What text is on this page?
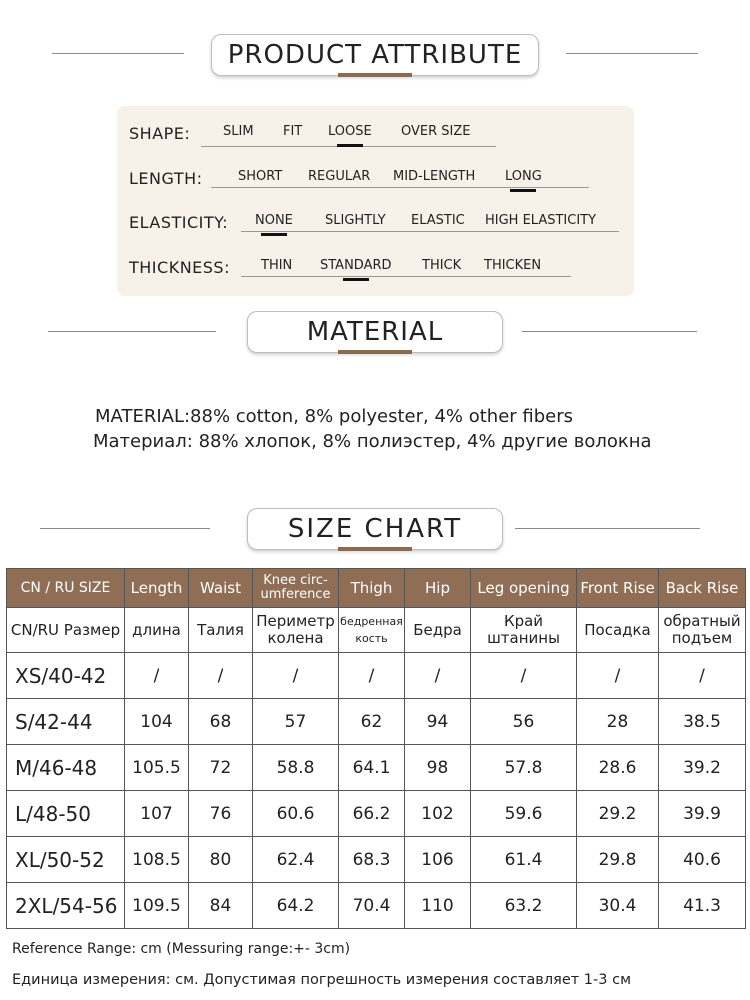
PRODUCT ATTRIBUTE
SHAPE:	SLIM FIT LOOSE OVER SIZE
LENGTH:	SHORT REGULAR MID-LENGTH LONG
ELASTICITY: NONE SLIGHTLY ELASTIC HIGH ELASTICITY
THICKNESS: THIN STANDARD THICK THICKEN
MATERIAL
MATERIAL:88% cotton, 8% polyester, 4% other fibers
Материал: 88% хлопок, 8% полиэстер, 4% другие волокна
SIZE CHART
CN / RU SIZE	Length	Waist	Knee circ-umference	Thigh	Hip	Leg opening	Front Rise	Back Rise
CN/RU Размер	длина	Талия	Периметр колена	бедренная кость	Бедра	Край штанины	Посадка	обратный подъем
XS/40-42	/	/	/	/	/	/	/	/
S/42-44	104	68	57	62	94	56	28	38.5
M/46-48	105.5	72	58.8	64.1	98	57.8	28.6	39.2
L/48-50	107	76	60.6	66.2	102	59.6	29.2	39.9
XL/50-52	108.5	80	62.4	68.3	106	61.4	29.8	40.6
2XL/54-56	109.5	84	64.2	70.4	110	63.2	30.4	41.3
Reference Range: cm (Messuring range:+- 3cm)
Единица измерения: см. Допустимая погрешность измерения составляет 1-3 см
